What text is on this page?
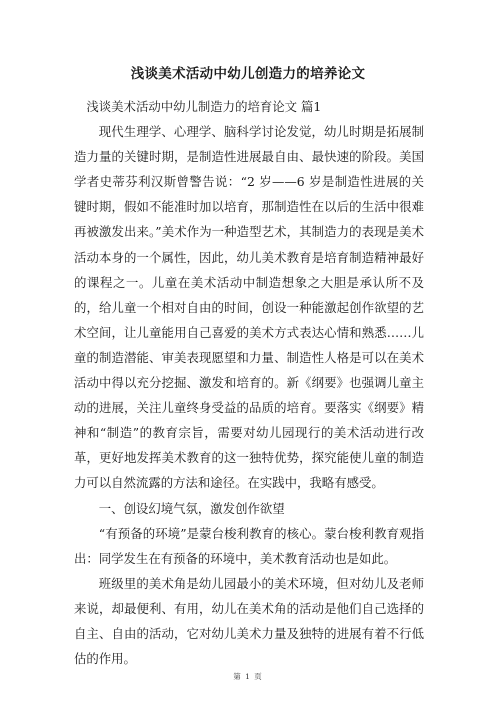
浅谈美术活动中幼儿创造力的培养论文

浅谈美术活动中幼儿制造力的培育论文 篇1

现代生理学、心理学、脑科学讨论发觉，幼儿时期是拓展制造力量的关键时期，是制造性进展最自由、最快速的阶段。美国学者史蒂芬利汉斯曾警告说：“2 岁——6 岁是制造性进展的关键时期，假如不能准时加以培育，那制造性在以后的生活中很难再被激发出来。”美术作为一种造型艺术，其制造力的表现是美术活动本身的一个属性，因此，幼儿美术教育是培育制造精神最好的课程之一。儿童在美术活动中制造想象之大胆是承认所不及的，给儿童一个相对自由的时间，创设一种能激起创作欲望的艺术空间，让儿童能用自己喜爱的美术方式表达心情和熟悉……儿童的制造潜能、审美表现愿望和力量、制造性人格是可以在美术活动中得以充分挖掘、激发和培育的。新《纲要》也强调儿童主动的进展，关注儿童终身受益的品质的培育。要落实《纲要》精神和“制造”的教育宗旨，需要对幼儿园现行的美术活动进行改革，更好地发挥美术教育的这一独特优势，探究能使儿童的制造力可以自然流露的方法和途径。在实践中，我略有感受。

一、创设幻境气氛，激发创作欲望

“有预备的环境”是蒙台梭利教育的核心。蒙台梭利教育观指出：同学发生在有预备的环境中，美术教育活动也是如此。

班级里的美术角是幼儿园最小的美术环境，但对幼儿及老师来说，却最便利、有用，幼儿在美术角的活动是他们自己选择的自主、自由的活动，它对幼儿美术力量及独特的进展有着不行低估的作用。

第 1 页
